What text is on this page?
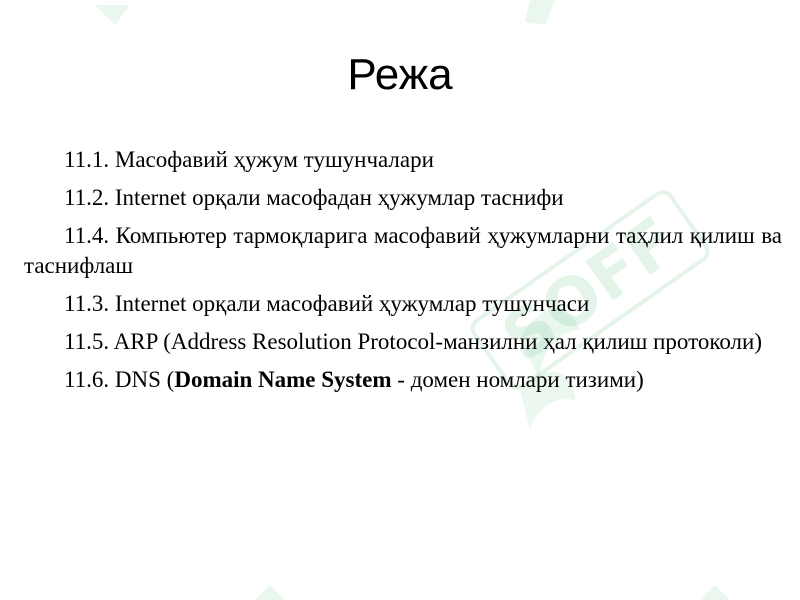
SOFF
Режа

11.1. Масофавий ҳужум тушунчалари

11.2. Internet орқали масофадан ҳужумлар таснифи

11.4. Компьютер тармоқларига масофавий ҳужумларни таҳлил қилиш ва таснифлаш

11.3. Internet орқали масофавий ҳужумлар тушунчаси

11.5. ARP (Address Resolution Protocol-манзилни ҳал қилиш протоколи)

11.6. DNS (Domain Name System - домен номлари тизими)
